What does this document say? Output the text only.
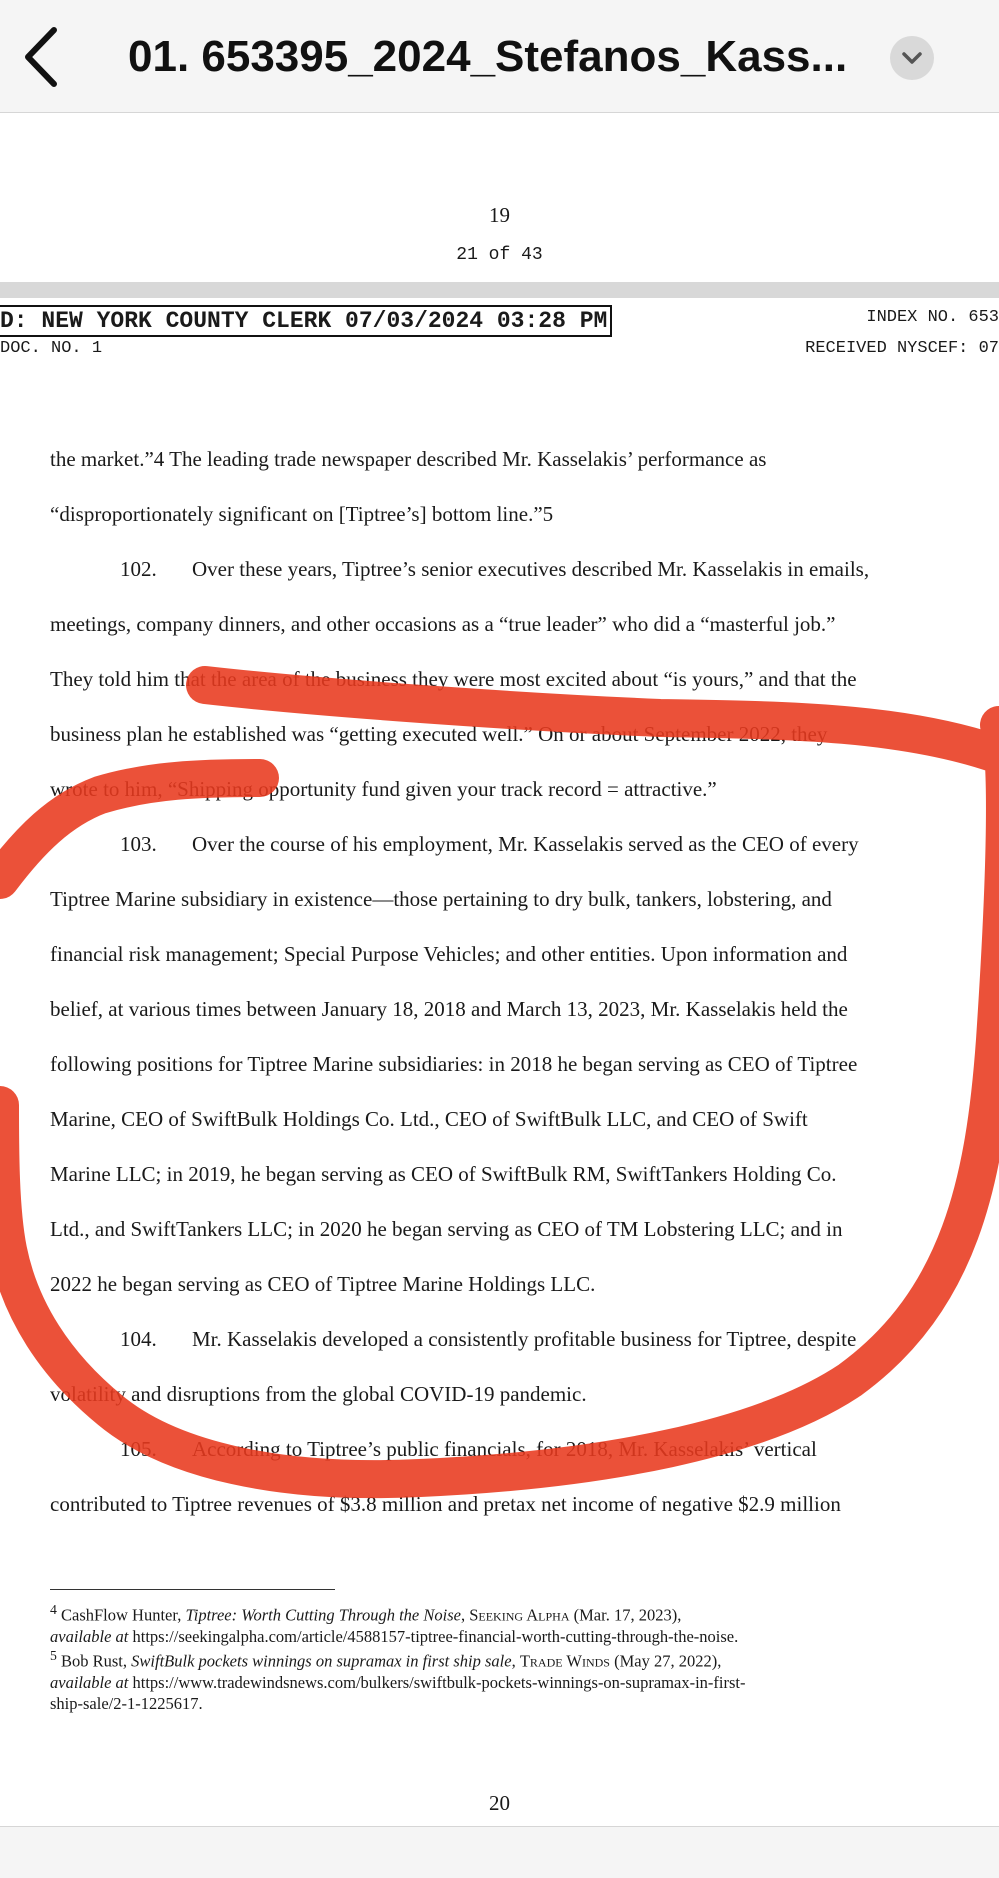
01. 653395_2024_Stefanos_Kass...
19
21 of 43
D: NEW YORK COUNTY CLERK 07/03/2024 03:28 PM	INDEX NO. 653
DOC. NO. 1	RECEIVED NYSCEF: 07
the market.”4 The leading trade newspaper described Mr. Kasselakis’ performance as
“disproportionately significant on [Tiptree’s] bottom line.”5
102. Over these years, Tiptree’s senior executives described Mr. Kasselakis in emails,
meetings, company dinners, and other occasions as a “true leader” who did a “masterful job.”
They told him that the area of the business they were most excited about “is yours,” and that the
business plan he established was “getting executed well.” On or about September 2022, they
wrote to him, “Shipping opportunity fund given your track record = attractive.”
103. Over the course of his employment, Mr. Kasselakis served as the CEO of every
Tiptree Marine subsidiary in existence—those pertaining to dry bulk, tankers, lobstering, and
financial risk management; Special Purpose Vehicles; and other entities. Upon information and
belief, at various times between January 18, 2018 and March 13, 2023, Mr. Kasselakis held the
following positions for Tiptree Marine subsidiaries: in 2018 he began serving as CEO of Tiptree
Marine, CEO of SwiftBulk Holdings Co. Ltd., CEO of SwiftBulk LLC, and CEO of Swift
Marine LLC; in 2019, he began serving as CEO of SwiftBulk RM, SwiftTankers Holding Co.
Ltd., and SwiftTankers LLC; in 2020 he began serving as CEO of TM Lobstering LLC; and in
2022 he began serving as CEO of Tiptree Marine Holdings LLC.
104. Mr. Kasselakis developed a consistently profitable business for Tiptree, despite
volatility and disruptions from the global COVID-19 pandemic.
105. According to Tiptree’s public financials, for 2018, Mr. Kasselakis’ vertical
contributed to Tiptree revenues of $3.8 million and pretax net income of negative $2.9 million
$^4$ CashFlow Hunter, Tiptree: Worth Cutting Through the Noise, Seeking Alpha (Mar. 17, 2023),
available at https://seekingalpha.com/article/4588157-tiptree-financial-worth-cutting-through-the-noise.
$^5$ Bob Rust, SwiftBulk pockets winnings on supramax in first ship sale, Trade Winds (May 27, 2022),
available at https://www.tradewindsnews.com/bulkers/swiftbulk-pockets-winnings-on-supramax-in-first-
ship-sale/2-1-1225617.
20
